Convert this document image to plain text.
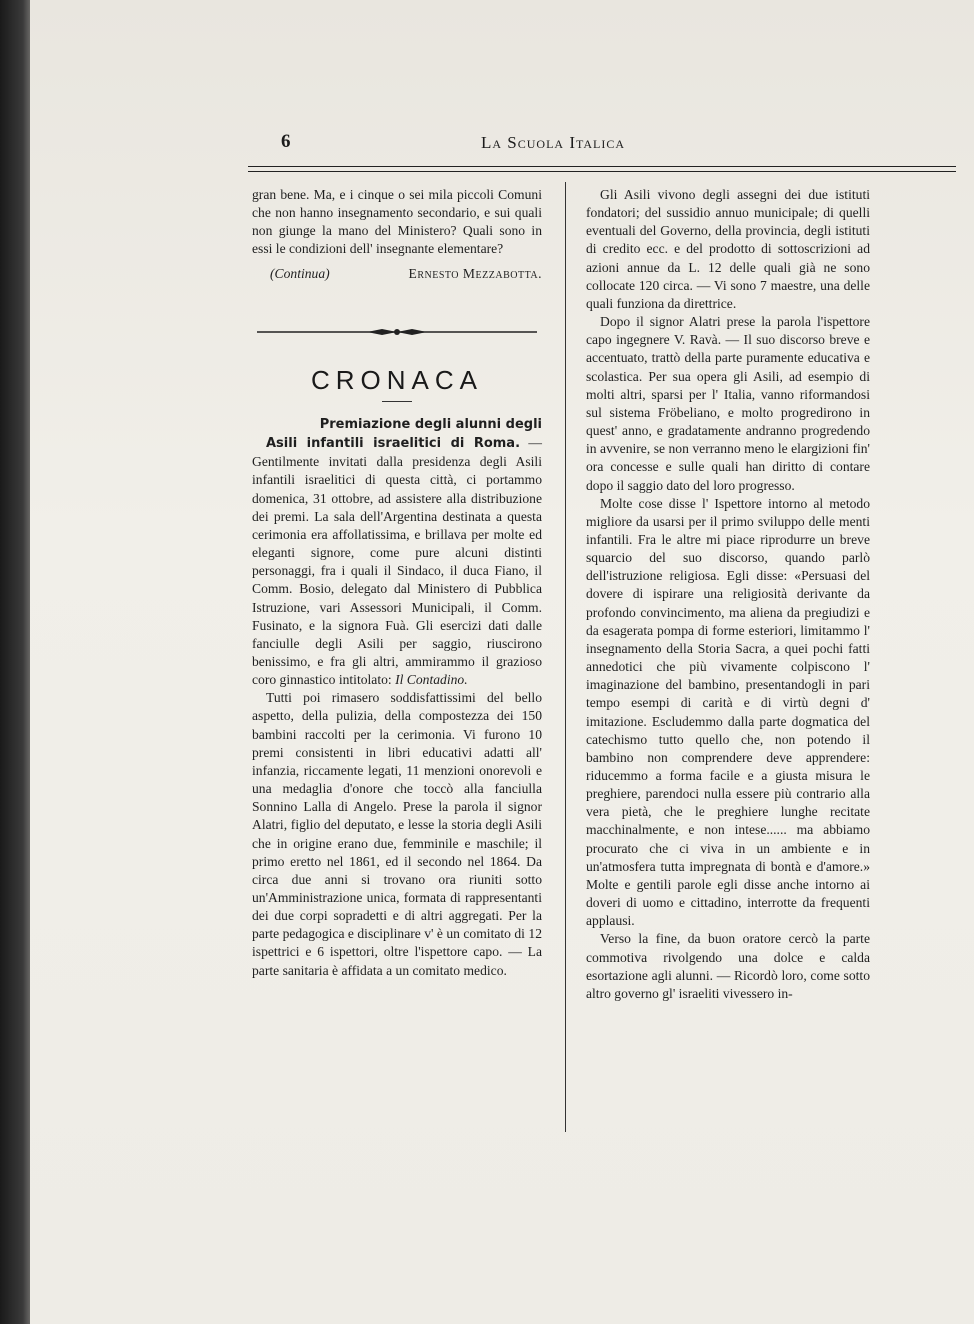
6	La Scuola Italica

gran bene. Ma, e i cinque o sei mila piccoli Comuni che non hanno insegnamento secondario, e sui quali non giunge la mano del Ministero? Quali sono in essi le condizioni dell' insegnante elementare?

(Continua)	Ernesto Mezzabotta.
CRONACA

Premiazione degli alunni degli

Asili infantili israelitici di Roma. — Gentilmente invitati dalla presidenza degli Asili infantili israelitici di questa città, ci portammo domenica, 31 ottobre, ad assistere alla distribuzione dei premi. La sala dell'Argentina destinata a questa cerimonia era affollatissima, e brillava per molte ed eleganti signore, come pure alcuni distinti personaggi, fra i quali il Sindaco, il duca Fiano, il Comm. Bosio, delegato dal Ministero di Pubblica Istruzione, vari Assessori Municipali, il Comm. Fusinato, e la signora Fuà. Gli esercizi dati dalle fanciulle degli Asili per saggio, riuscirono benissimo, e fra gli altri, ammirammo il grazioso coro ginnastico intitolato: Il Contadino.

Tutti poi rimasero soddisfattissimi del bello aspetto, della pulizia, della compostezza dei 150 bambini raccolti per la cerimonia. Vi furono 10 premi consistenti in libri educativi adatti all' infanzia, riccamente legati, 11 menzioni onorevoli e una medaglia d'onore che toccò alla fanciulla Sonnino Lalla di Angelo. Prese la parola il signor Alatri, figlio del deputato, e lesse la storia degli Asili che in origine erano due, femminile e maschile; il primo eretto nel 1861, ed il secondo nel 1864. Da circa due anni si trovano ora riuniti sotto un'Amministrazione unica, formata di rappresentanti dei due corpi sopradetti e di altri aggregati. Per la parte pedagogica e disciplinare v' è un comitato di 12 ispettrici e 6 ispettori, oltre l'ispettore capo. — La parte sanitaria è affidata a un comitato medico.

Gli Asili vivono degli assegni dei due istituti fondatori; del sussidio annuo municipale; di quelli eventuali del Governo, della provincia, degli istituti di credito ecc. e del prodotto di sottoscrizioni ad azioni annue da L. 12 delle quali già ne sono collocate 120 circa. — Vi sono 7 maestre, una delle quali funziona da direttrice.

Dopo il signor Alatri prese la parola l'ispettore capo ingegnere V. Ravà. — Il suo discorso breve e accentuato, trattò della parte puramente educativa e scolastica. Per sua opera gli Asili, ad esempio di molti altri, sparsi per l' Italia, vanno riformandosi sul sistema Fröbeliano, e molto progredirono in quest' anno, e gradatamente andranno progredendo in avvenire, se non verranno meno le elargizioni fin' ora concesse e sulle quali han diritto di contare dopo il saggio dato del loro progresso.

Molte cose disse l' Ispettore intorno al metodo migliore da usarsi per il primo sviluppo delle menti infantili. Fra le altre mi piace riprodurre un breve squarcio del suo discorso, quando parlò dell'istruzione religiosa. Egli disse: «Persuasi del dovere di ispirare una religiosità derivante da profondo convincimento, ma aliena da pregiudizi e da esagerata pompa di forme esteriori, limitammo l' insegnamento della Storia Sacra, a quei pochi fatti annedotici che più vivamente colpiscono l' imaginazione del bambino, presentandogli in pari tempo esempi di carità e di virtù degni d' imitazione. Escludemmo dalla parte dogmatica del catechismo tutto quello che, non potendo il bambino non comprendere deve apprendere: riducemmo a forma facile e a giusta misura le preghiere, parendoci nulla essere più contrario alla vera pietà, che le preghiere lunghe recitate macchinalmente, e non intese...... ma abbiamo procurato che ci viva in un ambiente e in un'atmosfera tutta impregnata di bontà e d'amore.» Molte e gentili parole egli disse anche intorno ai doveri di uomo e cittadino, interrotte da frequenti applausi.

Verso la fine, da buon oratore cercò la parte commotiva rivolgendo una dolce e calda esortazione agli alunni. — Ricordò loro, come sotto altro governo gl' israeliti vivessero in-
